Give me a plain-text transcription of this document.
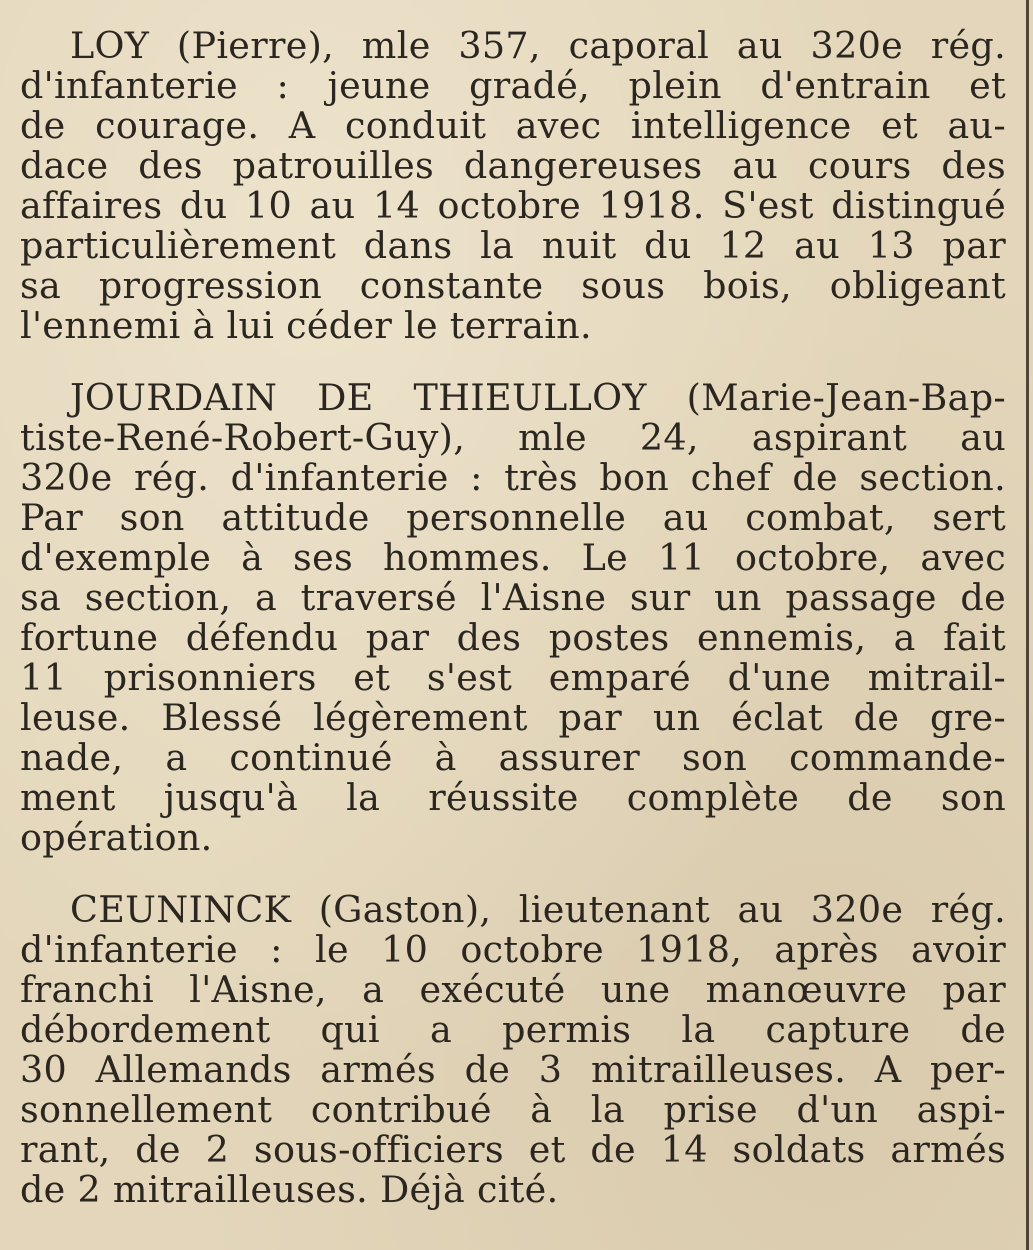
LOY (Pierre), mle 357, caporal au 320e rég.
d'infanterie : jeune gradé, plein d'entrain et
de courage. A conduit avec intelligence et au-
dace des patrouilles dangereuses au cours des
affaires du 10 au 14 octobre 1918. S'est distingué
particulièrement dans la nuit du 12 au 13 par
sa progression constante sous bois, obligeant
l'ennemi à lui céder le terrain.
JOURDAIN DE THIEULLOY (Marie-Jean-Bap-
tiste-René-Robert-Guy), mle 24, aspirant au
320e rég. d'infanterie : très bon chef de section.
Par son attitude personnelle au combat, sert
d'exemple à ses hommes. Le 11 octobre, avec
sa section, a traversé l'Aisne sur un passage de
fortune défendu par des postes ennemis, a fait
11 prisonniers et s'est emparé d'une mitrail-
leuse. Blessé légèrement par un éclat de gre-
nade, a continué à assurer son commande-
ment jusqu'à la réussite complète de son
opération.
CEUNINCK (Gaston), lieutenant au 320e rég.
d'infanterie : le 10 octobre 1918, après avoir
franchi l'Aisne, a exécuté une manœuvre par
débordement qui a permis la capture de
30 Allemands armés de 3 mitrailleuses. A per-
sonnellement contribué à la prise d'un aspi-
rant, de 2 sous-officiers et de 14 soldats armés
de 2 mitrailleuses. Déjà cité.
